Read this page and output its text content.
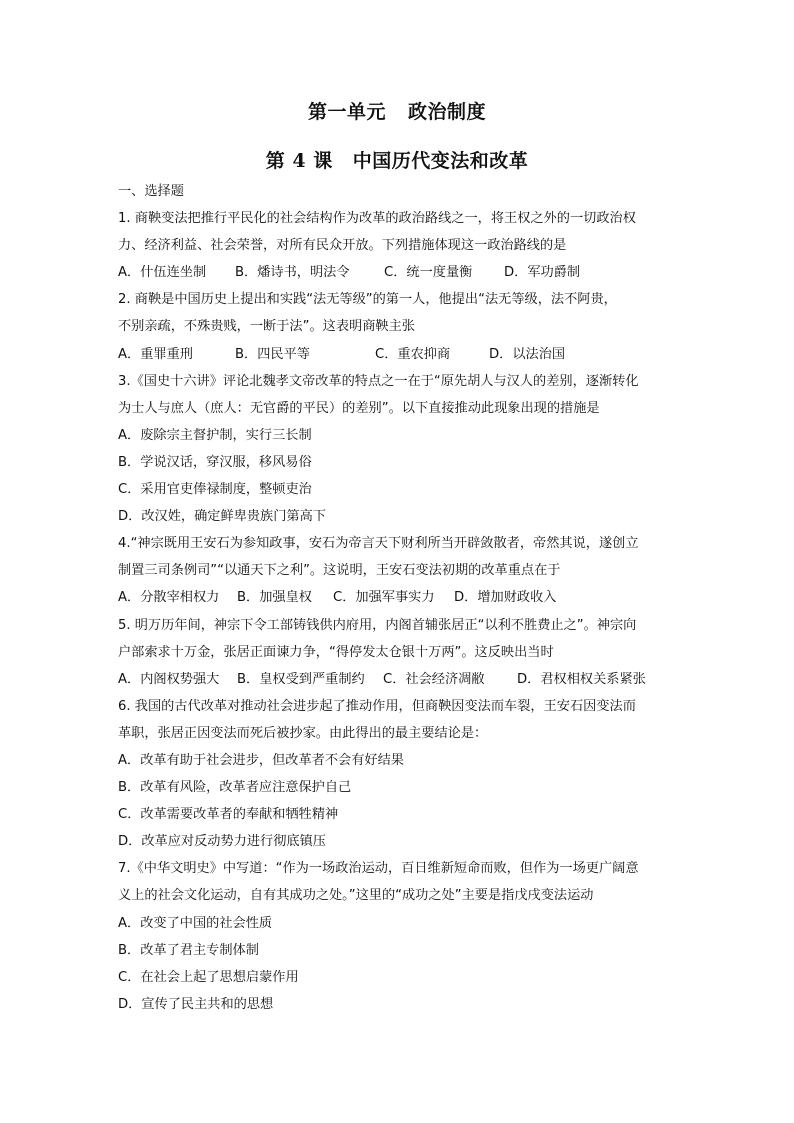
第一单元 政治制度
第 4 课 中国历代变法和改革
一、选择题
1. 商鞅变法把推行平民化的社会结构作为改革的政治路线之一，将王权之外的一切政治权
力、经济利益、社会荣誉，对所有民众开放。下列措施体现这一政治路线的是
A．什伍连坐制 B．燔诗书，明法令	C．统一度量衡 D．军功爵制
2. 商鞅是中国历史上提出和实践“法无等级”的第一人，他提出“法无等级，法不阿贵，
不别亲疏，不殊贵贱，一断于法”。这表明商鞅主张
A．重罪重刑	B．四民平等	C．重农抑商	D．以法治国
3.《国史十六讲》评论北魏孝文帝改革的特点之一在于“原先胡人与汉人的差别，逐渐转化
为士人与庶人（庶人：无官爵的平民）的差别”。以下直接推动此现象出现的措施是
A．废除宗主督护制，实行三长制
B．学说汉话，穿汉服，移风易俗
C．采用官吏俸禄制度，整顿吏治
D．改汉姓，确定鲜卑贵族门第高下
4.“神宗既用王安石为参知政事，安石为帝言天下财利所当开辟敛散者，帝然其说，遂创立
制置三司条例司”“以通天下之利”。这说明，王安石变法初期的改革重点在于
A．分散宰相权力 B．加强皇权 C．加强军事实力 D．增加财政收入
5. 明万历年间，神宗下令工部铸钱供内府用，内阁首辅张居正“以利不胜费止之”。神宗向
户部索求十万金，张居正面谏力争，“得停发太仓银十万两”。这反映出当时
A．内阁权势强大 B．皇权受到严重制约 C．社会经济凋敝 D．君权相权关系紧张
6. 我国的古代改革对推动社会进步起了推动作用，但商鞅因变法而车裂，王安石因变法而
革职，张居正因变法而死后被抄家。由此得出的最主要结论是：
A．改革有助于社会进步，但改革者不会有好结果
B．改革有风险，改革者应注意保护自己
C．改革需要改革者的奉献和牺牲精神
D．改革应对反动势力进行彻底镇压
7.《中华文明史》中写道：“作为一场政治运动，百日维新短命而败，但作为一场更广阔意
义上的社会文化运动，自有其成功之处。”这里的“成功之处”主要是指戊戌变法运动
A．改变了中国的社会性质
B．改革了君主专制体制
C．在社会上起了思想启蒙作用
D．宣传了民主共和的思想
